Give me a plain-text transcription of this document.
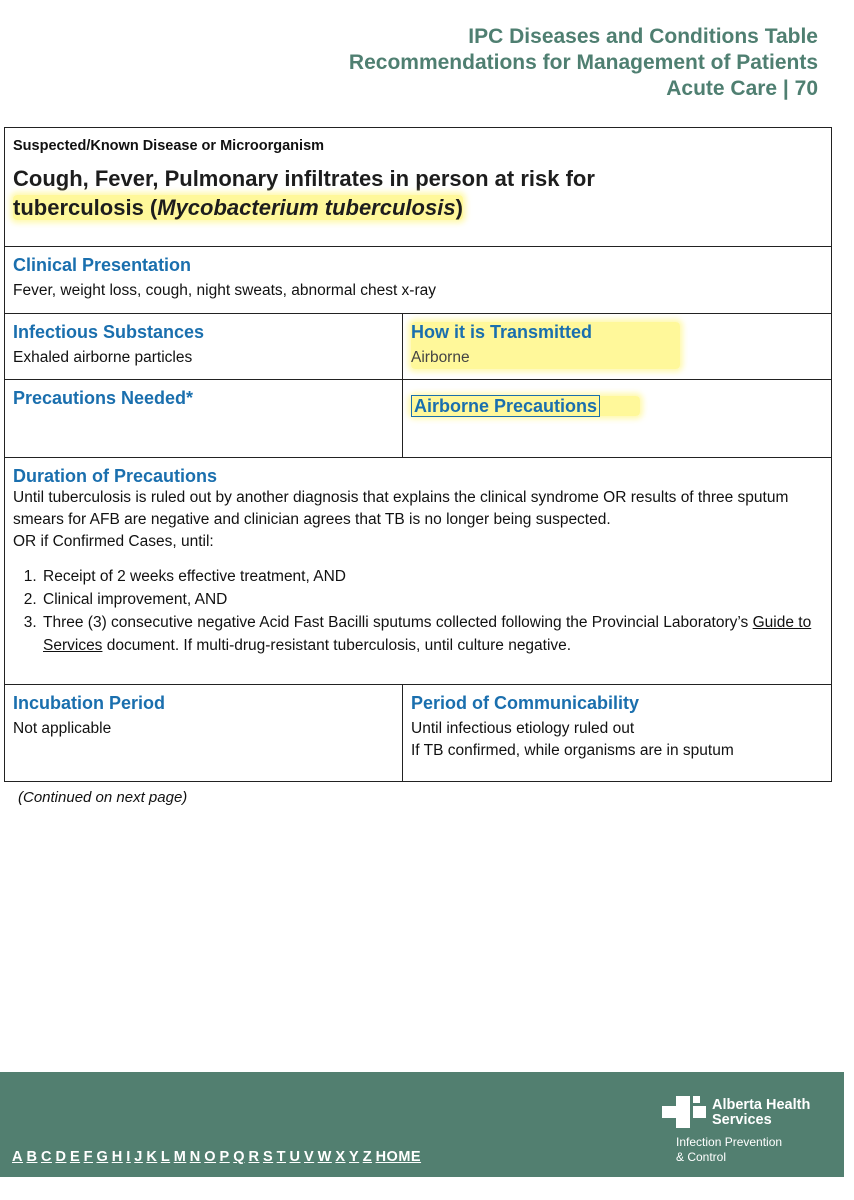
IPC Diseases and Conditions Table
Recommendations for Management of Patients
Acute Care | 70
Suspected/Known Disease or Microorganism
Cough, Fever, Pulmonary infiltrates in person at risk for
tuberculosis (Mycobacterium tuberculosis)
Clinical Presentation
Fever, weight loss, cough, night sweats, abnormal chest x-ray
Infectious Substances
Exhaled airborne particles
How it is Transmitted
Airborne
Precautions Needed*	Airborne Precautions
Duration of Precautions
Until tuberculosis is ruled out by another diagnosis that explains the clinical syndrome OR results of three sputum smears for AFB are negative and clinician agrees that TB is no longer being suspected.
OR if Confirmed Cases, until:
1. Receipt of 2 weeks effective treatment, AND
2. Clinical improvement, AND
3. Three (3) consecutive negative Acid Fast Bacilli sputums collected following the Provincial Laboratory’s Guide to Services document. If multi-drug-resistant tuberculosis, until culture negative.
Incubation Period
Not applicable
Period of Communicability
Until infectious etiology ruled out
If TB confirmed, while organisms are in sputum
(Continued on next page)
Alberta Health
Services
Infection Prevention
& Control
A B C D E F G H I J K L M N O P Q R S T U V W X Y Z HOME
